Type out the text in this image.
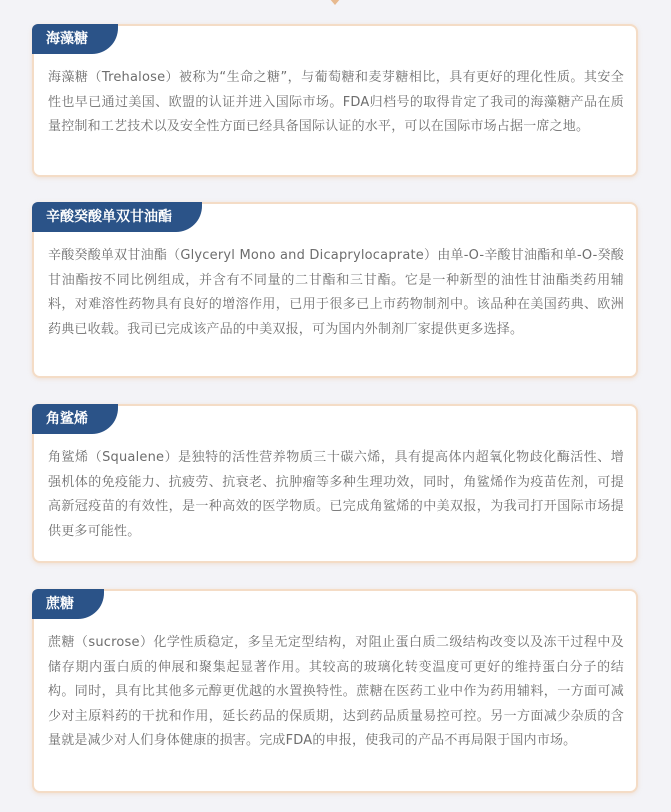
海藻糖

海藻糖（Trehalose）被称为“生命之糖”，与葡萄糖和麦芽糖相比，具有更好的理化性质。其安全性也早已通过美国、欧盟的认证并进入国际市场。FDA归档号的取得肯定了我司的海藻糖产品在质量控制和工艺技术以及安全性方面已经具备国际认证的水平，可以在国际市场占据一席之地。

辛酸癸酸单双甘油酯

辛酸癸酸单双甘油酯（Glyceryl Mono and Dicaprylocaprate）由单-O-辛酸甘油酯和单-O-癸酸甘油酯按不同比例组成，并含有不同量的二甘酯和三甘酯。它是一种新型的油性甘油酯类药用辅料，对难溶性药物具有良好的增溶作用，已用于很多已上市药物制剂中。该品种在美国药典、欧洲药典已收载。我司已完成该产品的中美双报，可为国内外制剂厂家提供更多选择。

角鲨烯

角鲨烯（Squalene）是独特的活性营养物质三十碳六烯，具有提高体内超氧化物歧化酶活性、增强机体的免疫能力、抗疲劳、抗衰老、抗肿瘤等多种生理功效，同时，角鲨烯作为疫苗佐剂，可提高新冠疫苗的有效性，是一种高效的医学物质。已完成角鲨烯的中美双报，为我司打开国际市场提供更多可能性。

蔗糖

蔗糖（sucrose）化学性质稳定，多呈无定型结构，对阻止蛋白质二级结构改变以及冻干过程中及储存期内蛋白质的伸展和聚集起显著作用。其较高的玻璃化转变温度可更好的维持蛋白分子的结构。同时，具有比其他多元醇更优越的水置换特性。蔗糖在医药工业中作为药用辅料，一方面可减少对主原料药的干扰和作用，延长药品的保质期，达到药品质量易控可控。另一方面减少杂质的含量就是减少对人们身体健康的损害。完成FDA的申报，使我司的产品不再局限于国内市场。
